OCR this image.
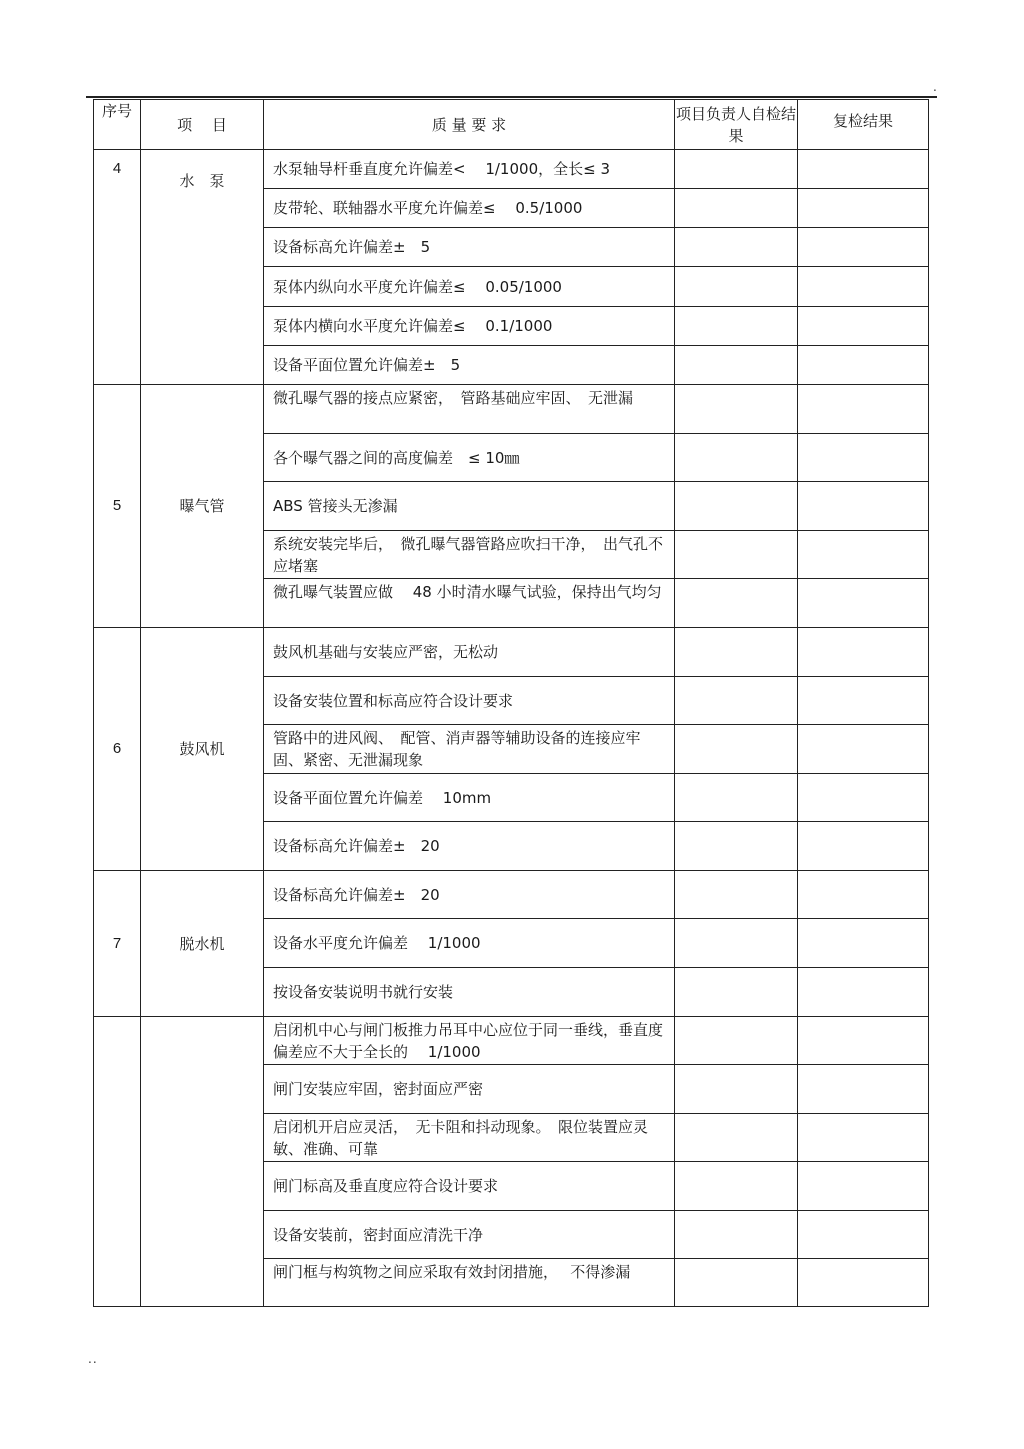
.
序号	项　 目	质 量 要 求	项目负责人自检结果	复检结果
4	水　泵	水泵轴导杆垂直度允许偏差<　 1/1000，全长≤ 3		
		皮带轮、联轴器水平度允许偏差≤　 0.5/1000		
		设备标高允许偏差±　5		
		泵体内纵向水平度允许偏差≤　 0.05/1000		
		泵体内横向水平度允许偏差≤　 0.1/1000		
		设备平面位置允许偏差±　5		
5	曝气管	微孔曝气器的接点应紧密，　管路基础应牢固、　无泄漏		
		各个曝气器之间的高度偏差　≤ 10㎜		
		ABS 管接头无渗漏		
		系统安装完毕后，　微孔曝气器管路应吹扫干净，　出气孔不应堵塞		
		微孔曝气装置应做　 48 小时清水曝气试验，保持出气均匀		
6	鼓风机	鼓风机基础与安装应严密，无松动		
		设备安装位置和标高应符合设计要求		
		管路中的进风阀、　配管、消声器等辅助设备的连接应牢固、紧密、无泄漏现象		
		设备平面位置允许偏差　 10mm		
		设备标高允许偏差±　20		
7	脱水机	设备标高允许偏差±　20		
		设备水平度允许偏差　 1/1000		
		按设备安装说明书就行安装		
		启闭机中心与闸门板推力吊耳中心应位于同一垂线，垂直度偏差应不大于全长的　 1/1000		
		闸门安装应牢固，密封面应严密		
		启闭机开启应灵活，　无卡阻和抖动现象。　限位装置应灵敏、准确、可靠		
		闸门标高及垂直度应符合设计要求		
		设备安装前，密封面应清洗干净		
		闸门框与构筑物之间应采取有效封闭措施，　 不得渗漏		
..
